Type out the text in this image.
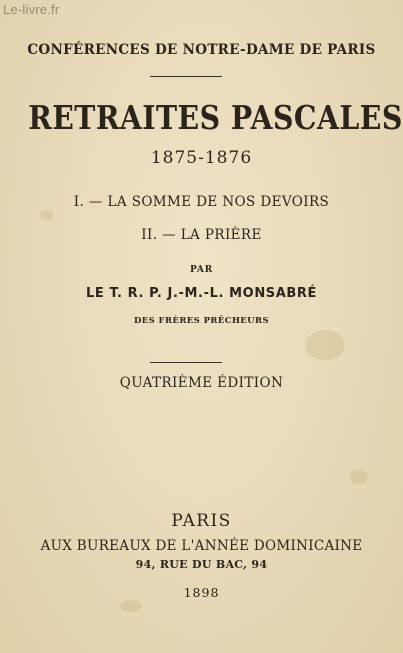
Le-livre.fr
CONFÉRENCES DE NOTRE-DAME DE PARIS
RETRAITES PASCALES
1875-1876
I. — LA SOMME DE NOS DEVOIRS
II. — LA PRIÈRE
PAR
LE T. R. P. J.-M.-L. MONSABRÉ
DES FRÈRES PRÊCHEURS
QUATRIÈME ÉDITION
PARIS
AUX BUREAUX DE L'ANNÉE DOMINICAINE
94, RUE DU BAC, 94
1898
